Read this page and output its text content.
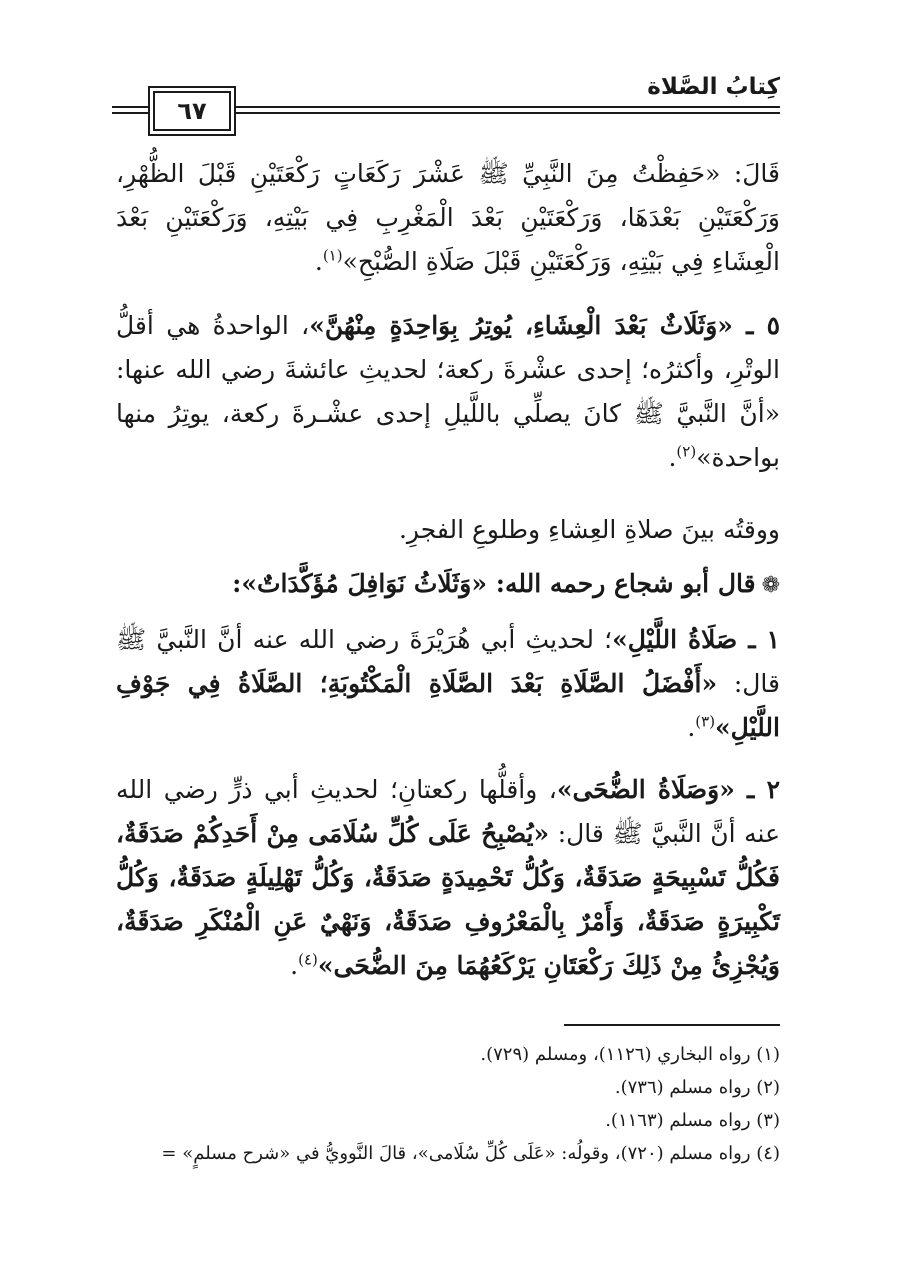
كِتابُ الصَّلاة
٦٧

قَالَ: «حَفِظْتُ مِنَ النَّبِيِّ ﷺ عَشْرَ رَكَعَاتٍ رَكْعَتَيْنِ قَبْلَ الظُّهْرِ، وَرَكْعَتَيْنِ بَعْدَهَا، وَرَكْعَتَيْنِ بَعْدَ الْمَغْرِبِ فِي بَيْتِهِ، وَرَكْعَتَيْنِ بَعْدَ الْعِشَاءِ فِي بَيْتِهِ، وَرَكْعَتَيْنِ قَبْلَ صَلَاةِ الصُّبْحِ»$^{(١)}$.

٥ ـ «وَثَلَاثٌ بَعْدَ الْعِشَاءِ، يُوتِرُ بِوَاحِدَةٍ مِنْهُنَّ»، الواحدةُ هي أقلُّ الوتْرِ، وأكثرُه؛ إحدى عشْرةَ ركعة؛ لحديثِ عائشةَ رضي الله عنها: «أنَّ النَّبيَّ ﷺ كانَ يصلِّي باللَّيلِ إحدى عشْـرةَ ركعة، يوتِرُ منها بواحدة»$^{(٢)}$.

ووقتُه بينَ صلاةِ العِشاءِ وطلوعِ الفجرِ.

❁قال أبو شجاع رحمه الله: «وَثَلَاثُ نَوَافِلَ مُؤَكَّدَاتٌ»:

١ ـ صَلَاةُ اللَّيْلِ»؛ لحديثِ أبي هُرَيْرَةَ رضي الله عنه أنَّ النَّبيَّ ﷺ قال: «أَفْضَلُ الصَّلَاةِ بَعْدَ الصَّلَاةِ الْمَكْتُوبَةِ؛ الصَّلَاةُ فِي جَوْفِ اللَّيْلِ»$^{(٣)}$.

٢ ـ «وَصَلَاةُ الضُّحَى»، وأقلُّها ركعتانِ؛ لحديثِ أبي ذرٍّ رضي الله عنه أنَّ النَّبيَّ ﷺ قال: «يُصْبِحُ عَلَى كُلِّ سُلَامَى مِنْ أَحَدِكُمْ صَدَقَةٌ، فَكُلُّ تَسْبِيحَةٍ صَدَقَةٌ، وَكُلُّ تَحْمِيدَةٍ صَدَقَةٌ، وَكُلُّ تَهْلِيلَةٍ صَدَقَةٌ، وَكُلُّ تَكْبِيرَةٍ صَدَقَةٌ، وَأَمْرٌ بِالْمَعْرُوفِ صَدَقَةٌ، وَنَهْيٌ عَنِ الْمُنْكَرِ صَدَقَةٌ، وَيُجْزِئُ مِنْ ذَلِكَ رَكْعَتَانِ يَرْكَعُهُمَا مِنَ الضُّحَى»$^{(٤)}$.

(١) رواه البخاري (١١٢٦)، ومسلم (٧٢٩).

(٢) رواه مسلم (٧٣٦).

(٣) رواه مسلم (١١٦٣).

(٤) رواه مسلم (٧٢٠)، وقولُه: «عَلَى كُلِّ سُلَامى»، قالَ النَّوويُّ في «شرح مسلمٍ» =
